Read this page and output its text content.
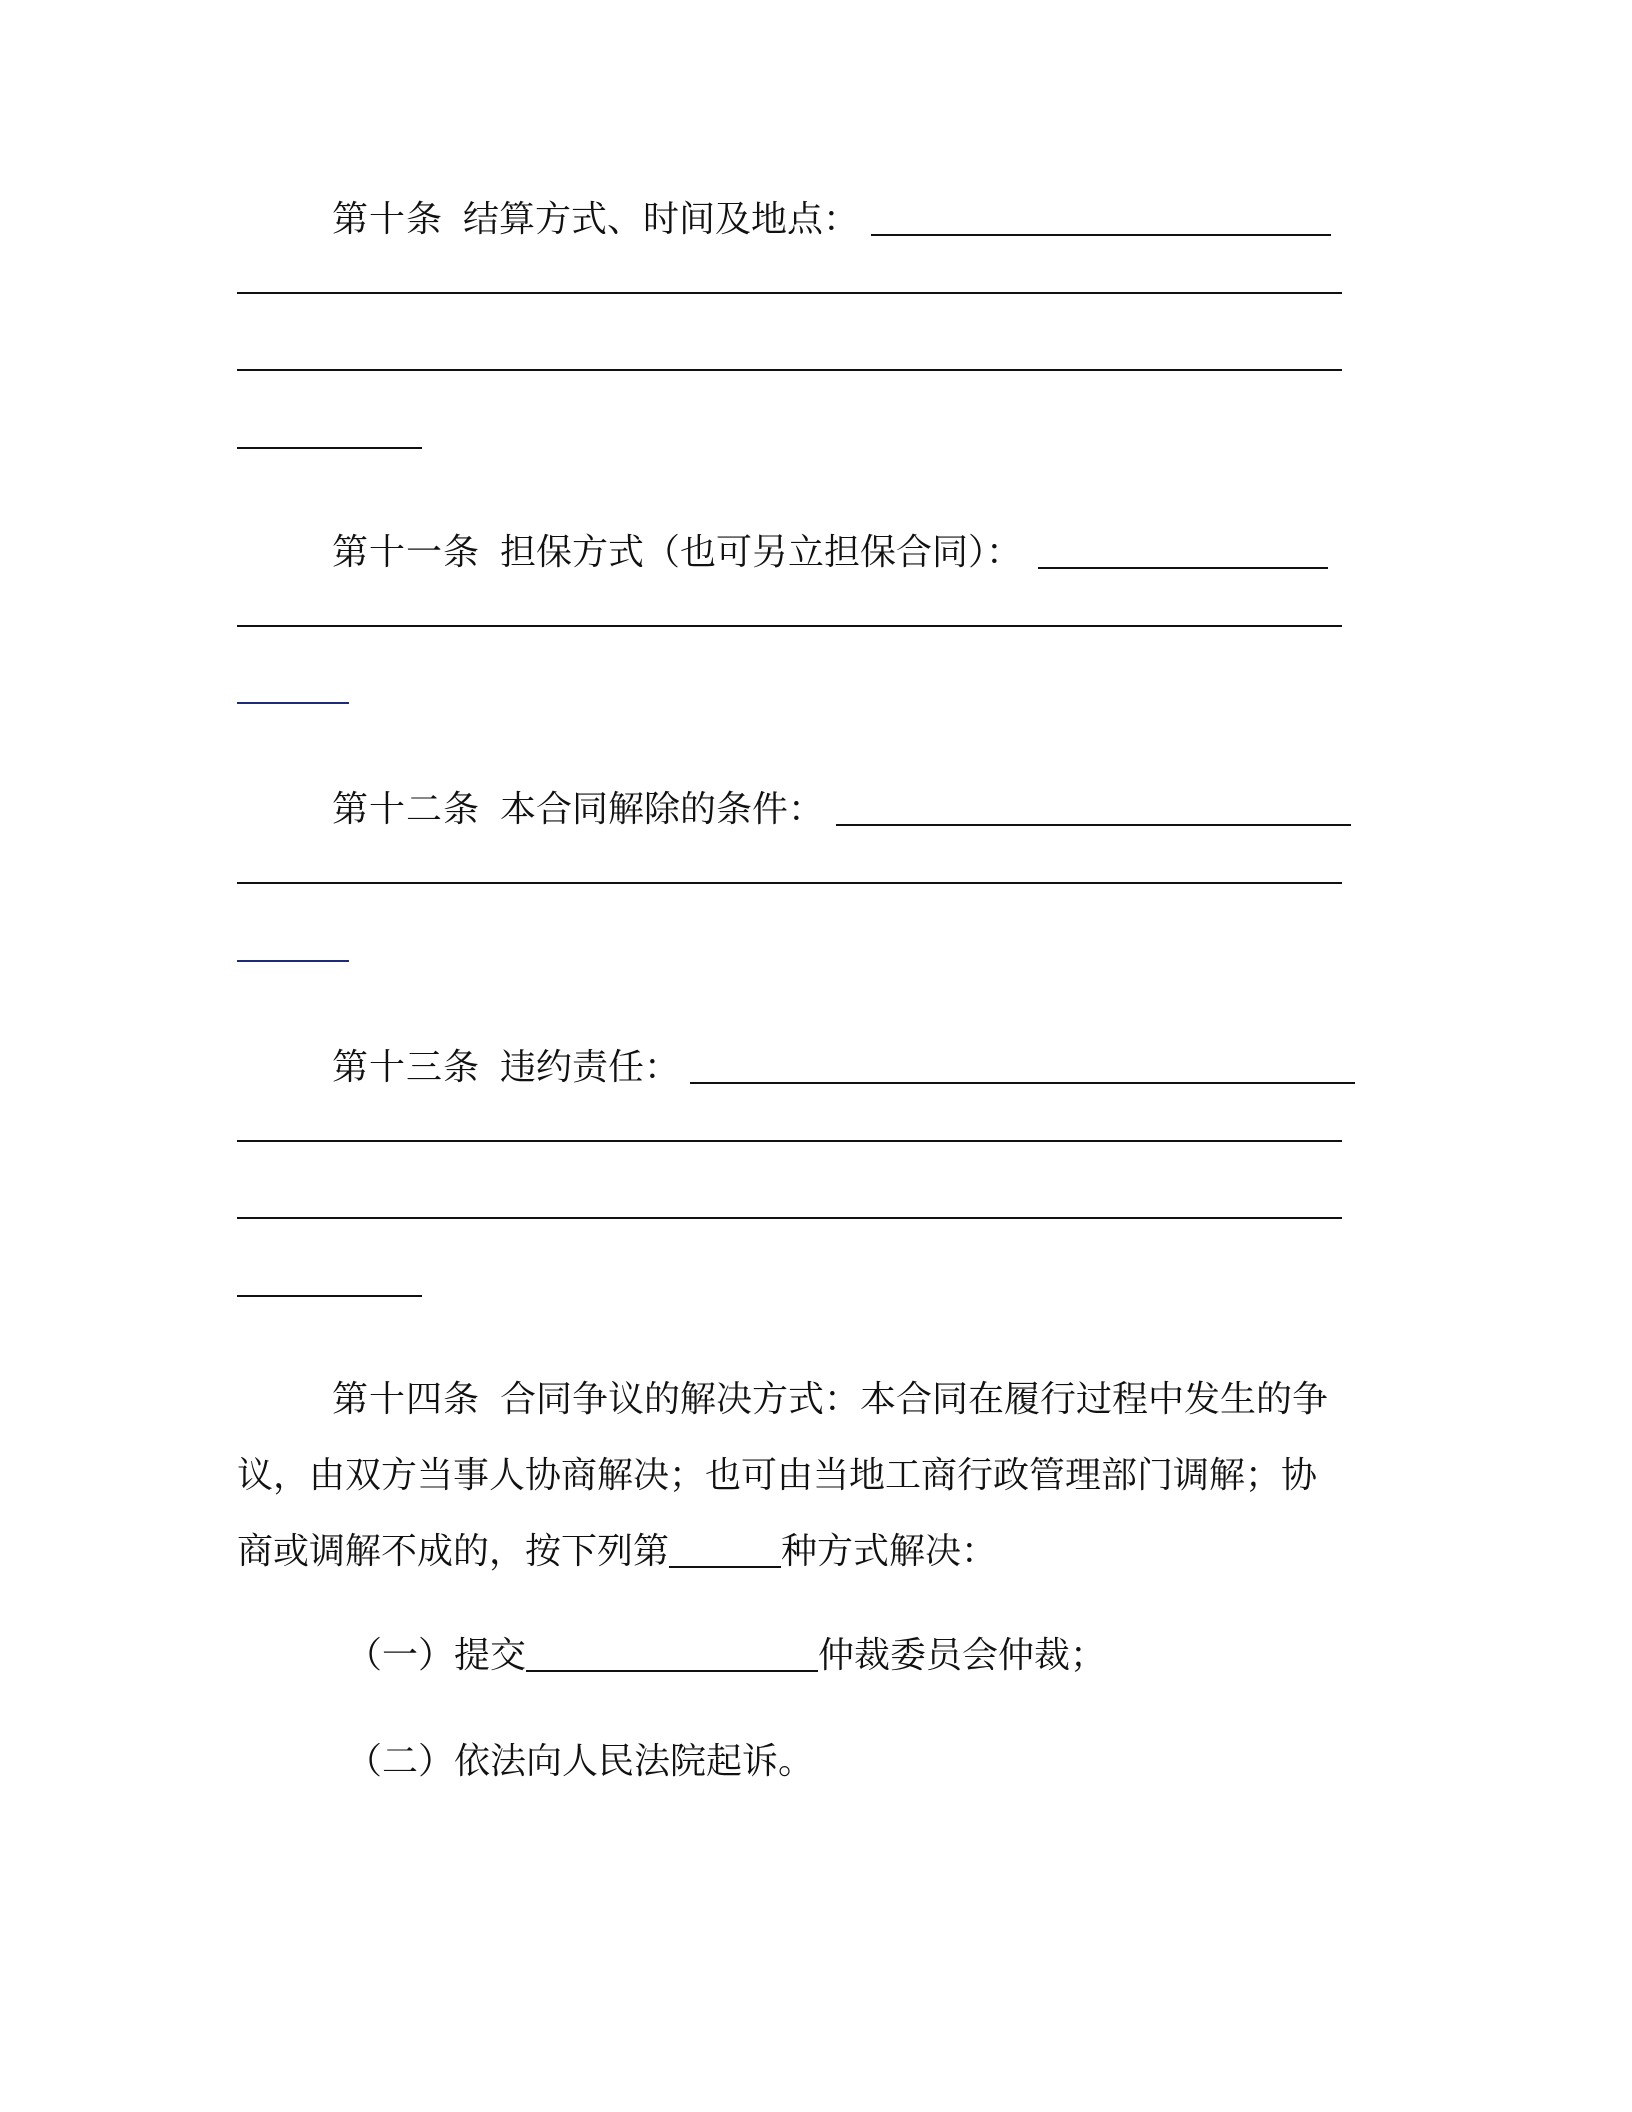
第十条 结算方式、时间及地点：
第十一条 担保方式（也可另立担保合同）：
第十二条 本合同解除的条件：
第十三条 违约责任：
第十四条 合同争议的解决方式：本合同在履行过程中发生的争
议，由双方当事人协商解决；也可由当地工商行政管理部门调解；协
商或调解不成的，按下列第	种方式解决：
（一）提交	仲裁委员会仲裁；
（二）依法向人民法院起诉。
